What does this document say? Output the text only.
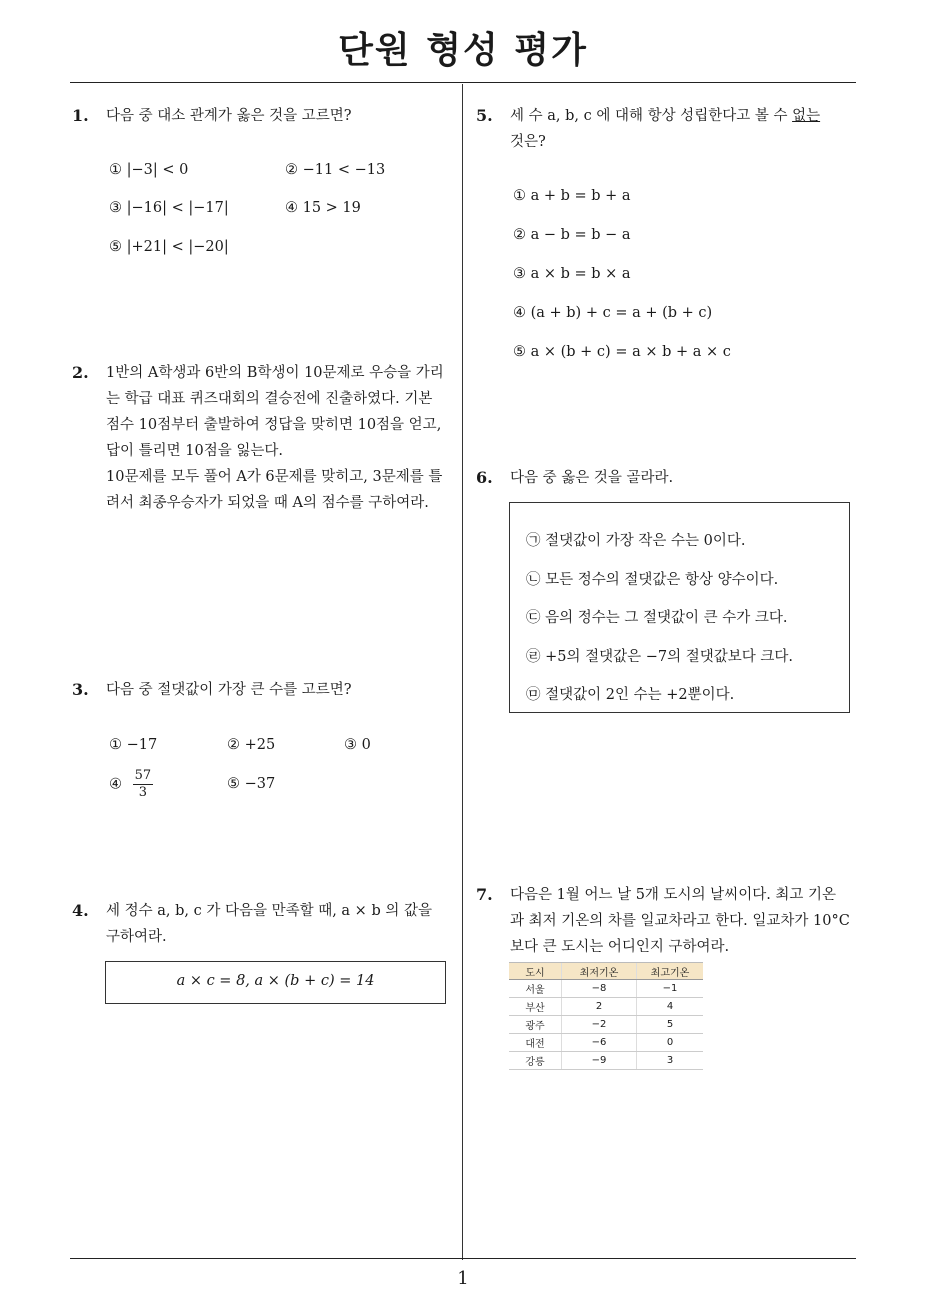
단원 형성 평가
1
1. 다음 중 대소 관계가 옳은 것을 고르면?
① |−3| < 0	② −11 < −13
③ |−16| < |−17|	④ 15 > 19
⑤ |+21| < |−20|
2. 1반의 A학생과 6반의 B학생이 10문제로 우승을 가리
는 학급 대표 퀴즈대회의 결승전에 진출하였다. 기본
점수 10점부터 출발하여 정답을 맞히면 10점을 얻고,
답이 틀리면 10점을 잃는다.
10문제를 모두 풀어 A가 6문제를 맞히고, 3문제를 틀
려서 최종우승자가 되었을 때 A의 점수를 구하여라.
3. 다음 중 절댓값이 가장 큰 수를 고르면?
① −17	② +25	③ 0
④ $\frac{57}{3}$	⑤ −37
4. 세 정수 a, b, c 가 다음을 만족할 때, a × b 의 값을
구하여라.
a × c = 8, a × (b + c) = 14
5. 세 수 a, b, c 에 대해 항상 성립한다고 볼 수 없는
것은?
① a + b = b + a
② a − b = b − a
③ a × b = b × a
④ (a + b) + c = a + (b + c)
⑤ a × (b + c) = a × b + a × c
6. 다음 중 옳은 것을 골라라.
㉠ 절댓값이 가장 작은 수는 0이다.
㉡ 모든 정수의 절댓값은 항상 양수이다.
㉢ 음의 정수는 그 절댓값이 큰 수가 크다.
㉣ +5의 절댓값은 −7의 절댓값보다 크다.
㉤ 절댓값이 2인 수는 +2뿐이다.
7. 다음은 1월 어느 날 5개 도시의 날씨이다. 최고 기온
과 최저 기온의 차를 일교차라고 한다. 일교차가 10°C
보다 큰 도시는 어디인지 구하여라.
도시	최저기온	최고기온
서울	−8	−1
부산	2	4
광주	−2	5
대전	−6	0
강릉	−9	3
